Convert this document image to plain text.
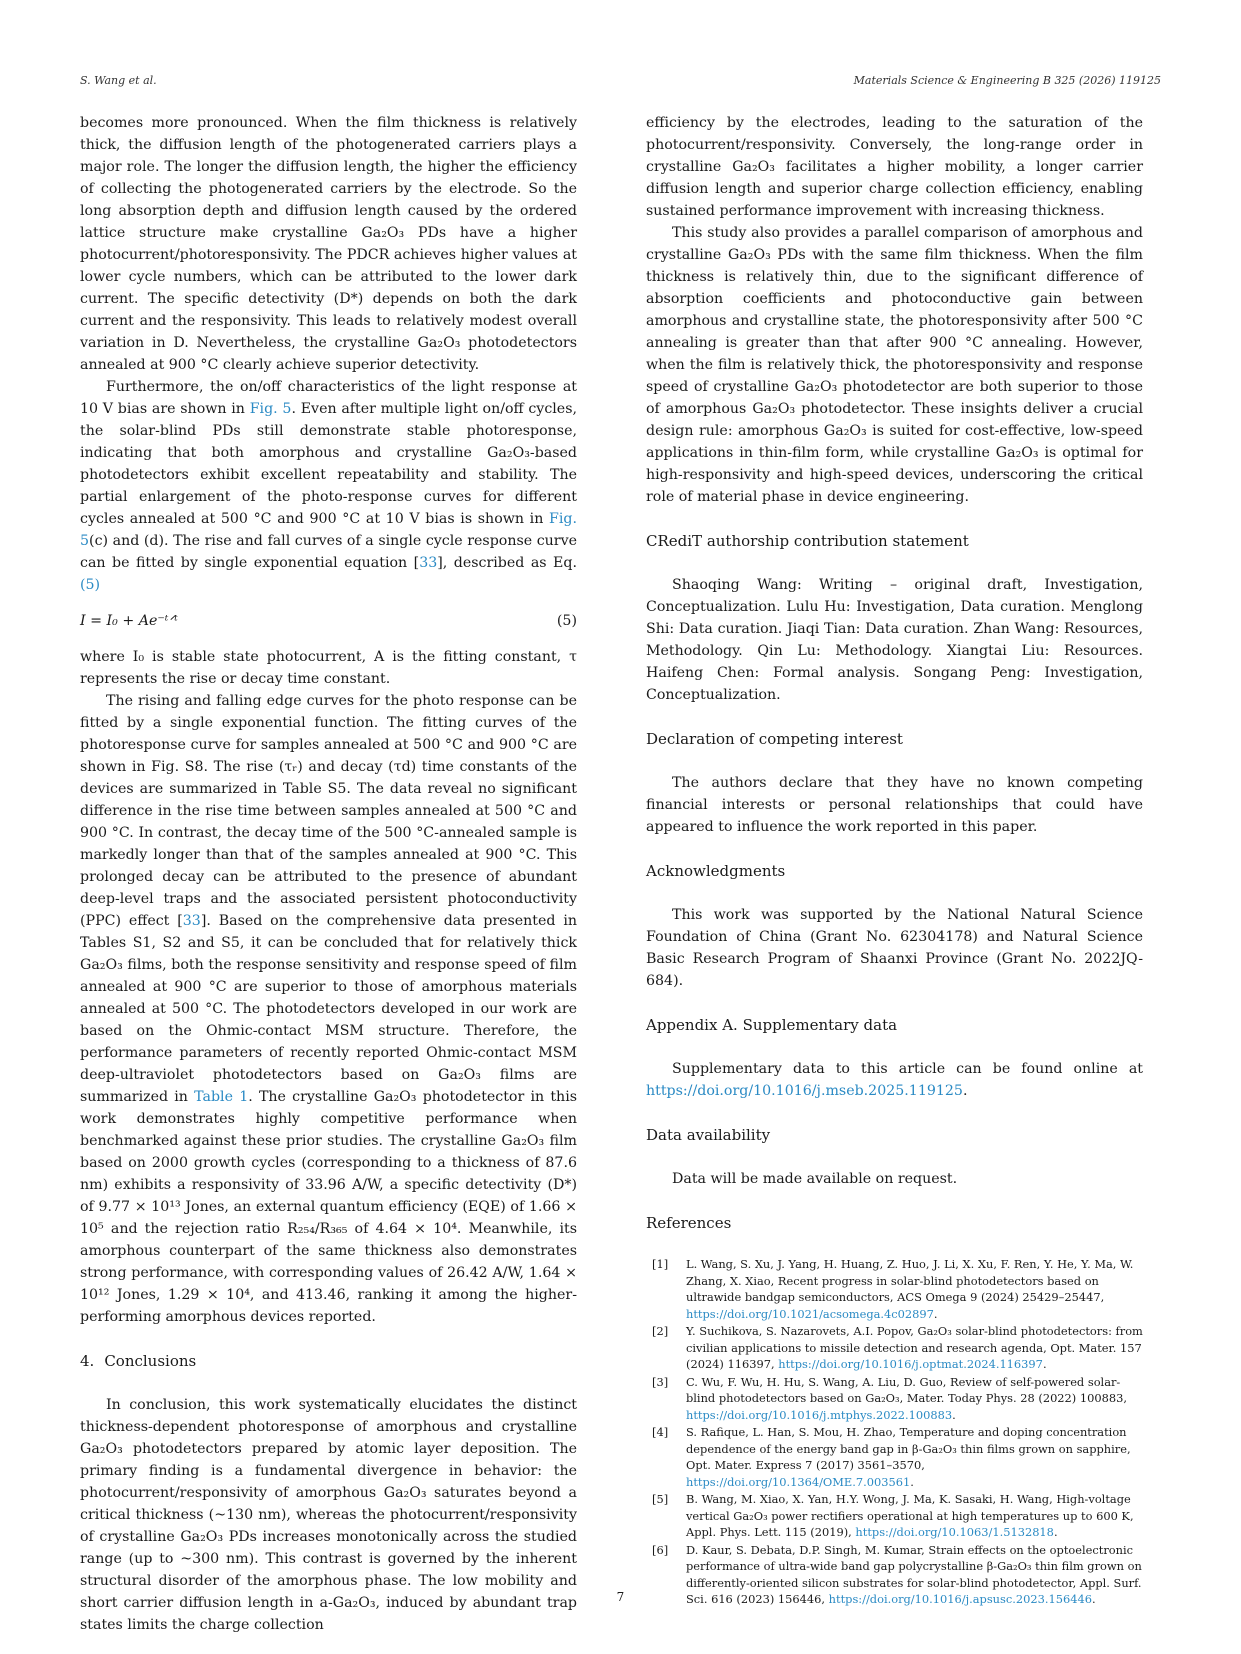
S. Wang et al.	Materials Science & Engineering B 325 (2026) 119125

becomes more pronounced. When the film thickness is relatively thick, the diffusion length of the photogenerated carriers plays a major role. The longer the diffusion length, the higher the efficiency of collecting the photogenerated carriers by the electrode. So the long absorption depth and diffusion length caused by the ordered lattice structure make crystalline Ga₂O₃ PDs have a higher photocurrent/photoresponsivity. The PDCR achieves higher values at lower cycle numbers, which can be attributed to the lower dark current. The specific detectivity (D*) depends on both the dark current and the responsivity. This leads to relatively modest overall variation in D. Nevertheless, the crystalline Ga₂O₃ photodetectors annealed at 900 °C clearly achieve superior detectivity.

Furthermore, the on/off characteristics of the light response at 10 V bias are shown in Fig. 5. Even after multiple light on/off cycles, the solar-blind PDs still demonstrate stable photoresponse, indicating that both amorphous and crystalline Ga₂O₃-based photodetectors exhibit excellent repeatability and stability. The partial enlargement of the photo-response curves for different cycles annealed at 500 °C and 900 °C at 10 V bias is shown in Fig. 5(c) and (d). The rise and fall curves of a single cycle response curve can be fitted by single exponential equation [33], described as Eq. (5)

I = I₀ + Ae⁻ᵗᐟᵗ	(5)

where I₀ is stable state photocurrent, A is the fitting constant, τ represents the rise or decay time constant.

The rising and falling edge curves for the photo response can be fitted by a single exponential function. The fitting curves of the photoresponse curve for samples annealed at 500 °C and 900 °C are shown in Fig. S8. The rise (τᵣ) and decay (τd) time constants of the devices are summarized in Table S5. The data reveal no significant difference in the rise time between samples annealed at 500 °C and 900 °C. In contrast, the decay time of the 500 °C-annealed sample is markedly longer than that of the samples annealed at 900 °C. This prolonged decay can be attributed to the presence of abundant deep-level traps and the associated persistent photoconductivity (PPC) effect [33]. Based on the comprehensive data presented in Tables S1, S2 and S5, it can be concluded that for relatively thick Ga₂O₃ films, both the response sensitivity and response speed of film annealed at 900 °C are superior to those of amorphous materials annealed at 500 °C. The photodetectors developed in our work are based on the Ohmic-contact MSM structure. Therefore, the performance parameters of recently reported Ohmic-contact MSM deep-ultraviolet photodetectors based on Ga₂O₃ films are summarized in Table 1. The crystalline Ga₂O₃ photodetector in this work demonstrates highly competitive performance when benchmarked against these prior studies. The crystalline Ga₂O₃ film based on 2000 growth cycles (corresponding to a thickness of 87.6 nm) exhibits a responsivity of 33.96 A/W, a specific detectivity (D*) of 9.77 × 10¹³ Jones, an external quantum efficiency (EQE) of 1.66 × 10⁵ and the rejection ratio R₂₅₄/R₃₆₅ of 4.64 × 10⁴. Meanwhile, its amorphous counterpart of the same thickness also demonstrates strong performance, with corresponding values of 26.42 A/W, 1.64 × 10¹² Jones, 1.29 × 10⁴, and 413.46, ranking it among the higher-performing amorphous devices reported.

4. Conclusions

In conclusion, this work systematically elucidates the distinct thickness-dependent photoresponse of amorphous and crystalline Ga₂O₃ photodetectors prepared by atomic layer deposition. The primary finding is a fundamental divergence in behavior: the photocurrent/responsivity of amorphous Ga₂O₃ saturates beyond a critical thickness (~130 nm), whereas the photocurrent/responsivity of crystalline Ga₂O₃ PDs increases monotonically across the studied range (up to ~300 nm). This contrast is governed by the inherent structural disorder of the amorphous phase. The low mobility and short carrier diffusion length in a-Ga₂O₃, induced by abundant trap states limits the charge collection

efficiency by the electrodes, leading to the saturation of the photocurrent/responsivity. Conversely, the long-range order in crystalline Ga₂O₃ facilitates a higher mobility, a longer carrier diffusion length and superior charge collection efficiency, enabling sustained performance improvement with increasing thickness.

This study also provides a parallel comparison of amorphous and crystalline Ga₂O₃ PDs with the same film thickness. When the film thickness is relatively thin, due to the significant difference of absorption coefficients and photoconductive gain between amorphous and crystalline state, the photoresponsivity after 500 °C annealing is greater than that after 900 °C annealing. However, when the film is relatively thick, the photoresponsivity and response speed of crystalline Ga₂O₃ photodetector are both superior to those of amorphous Ga₂O₃ photodetector. These insights deliver a crucial design rule: amorphous Ga₂O₃ is suited for cost-effective, low-speed applications in thin-film form, while crystalline Ga₂O₃ is optimal for high-responsivity and high-speed devices, underscoring the critical role of material phase in device engineering.

CRediT authorship contribution statement

Shaoqing Wang: Writing – original draft, Investigation, Conceptualization. Lulu Hu: Investigation, Data curation. Menglong Shi: Data curation. Jiaqi Tian: Data curation. Zhan Wang: Resources, Methodology. Qin Lu: Methodology. Xiangtai Liu: Resources. Haifeng Chen: Formal analysis. Songang Peng: Investigation, Conceptualization.

Declaration of competing interest

The authors declare that they have no known competing financial interests or personal relationships that could have appeared to influence the work reported in this paper.

Acknowledgments

This work was supported by the National Natural Science Foundation of China (Grant No. 62304178) and Natural Science Basic Research Program of Shaanxi Province (Grant No. 2022JQ-684).

Appendix A. Supplementary data

Supplementary data to this article can be found online at https://doi.org/10.1016/j.mseb.2025.119125.

Data availability

Data will be made available on request.

References
[1]	L. Wang, S. Xu, J. Yang, H. Huang, Z. Huo, J. Li, X. Xu, F. Ren, Y. He, Y. Ma, W. Zhang, X. Xiao, Recent progress in solar-blind photodetectors based on ultrawide bandgap semiconductors, ACS Omega 9 (2024) 25429–25447, https://doi.org/10.1021/acsomega.4c02897.
[2]	Y. Suchikova, S. Nazarovets, A.I. Popov, Ga₂O₃ solar-blind photodetectors: from civilian applications to missile detection and research agenda, Opt. Mater. 157 (2024) 116397, https://doi.org/10.1016/j.optmat.2024.116397.
[3]	C. Wu, F. Wu, H. Hu, S. Wang, A. Liu, D. Guo, Review of self-powered solar-blind photodetectors based on Ga₂O₃, Mater. Today Phys. 28 (2022) 100883, https://doi.org/10.1016/j.mtphys.2022.100883.
[4]	S. Rafique, L. Han, S. Mou, H. Zhao, Temperature and doping concentration dependence of the energy band gap in β-Ga₂O₃ thin films grown on sapphire, Opt. Mater. Express 7 (2017) 3561–3570, https://doi.org/10.1364/OME.7.003561.
[5]	B. Wang, M. Xiao, X. Yan, H.Y. Wong, J. Ma, K. Sasaki, H. Wang, High-voltage vertical Ga₂O₃ power rectifiers operational at high temperatures up to 600 K, Appl. Phys. Lett. 115 (2019), https://doi.org/10.1063/1.5132818.
[6]	D. Kaur, S. Debata, D.P. Singh, M. Kumar, Strain effects on the optoelectronic performance of ultra-wide band gap polycrystalline β-Ga₂O₃ thin film grown on differently-oriented silicon substrates for solar-blind photodetector, Appl. Surf. Sci. 616 (2023) 156446, https://doi.org/10.1016/j.apsusc.2023.156446.
7
